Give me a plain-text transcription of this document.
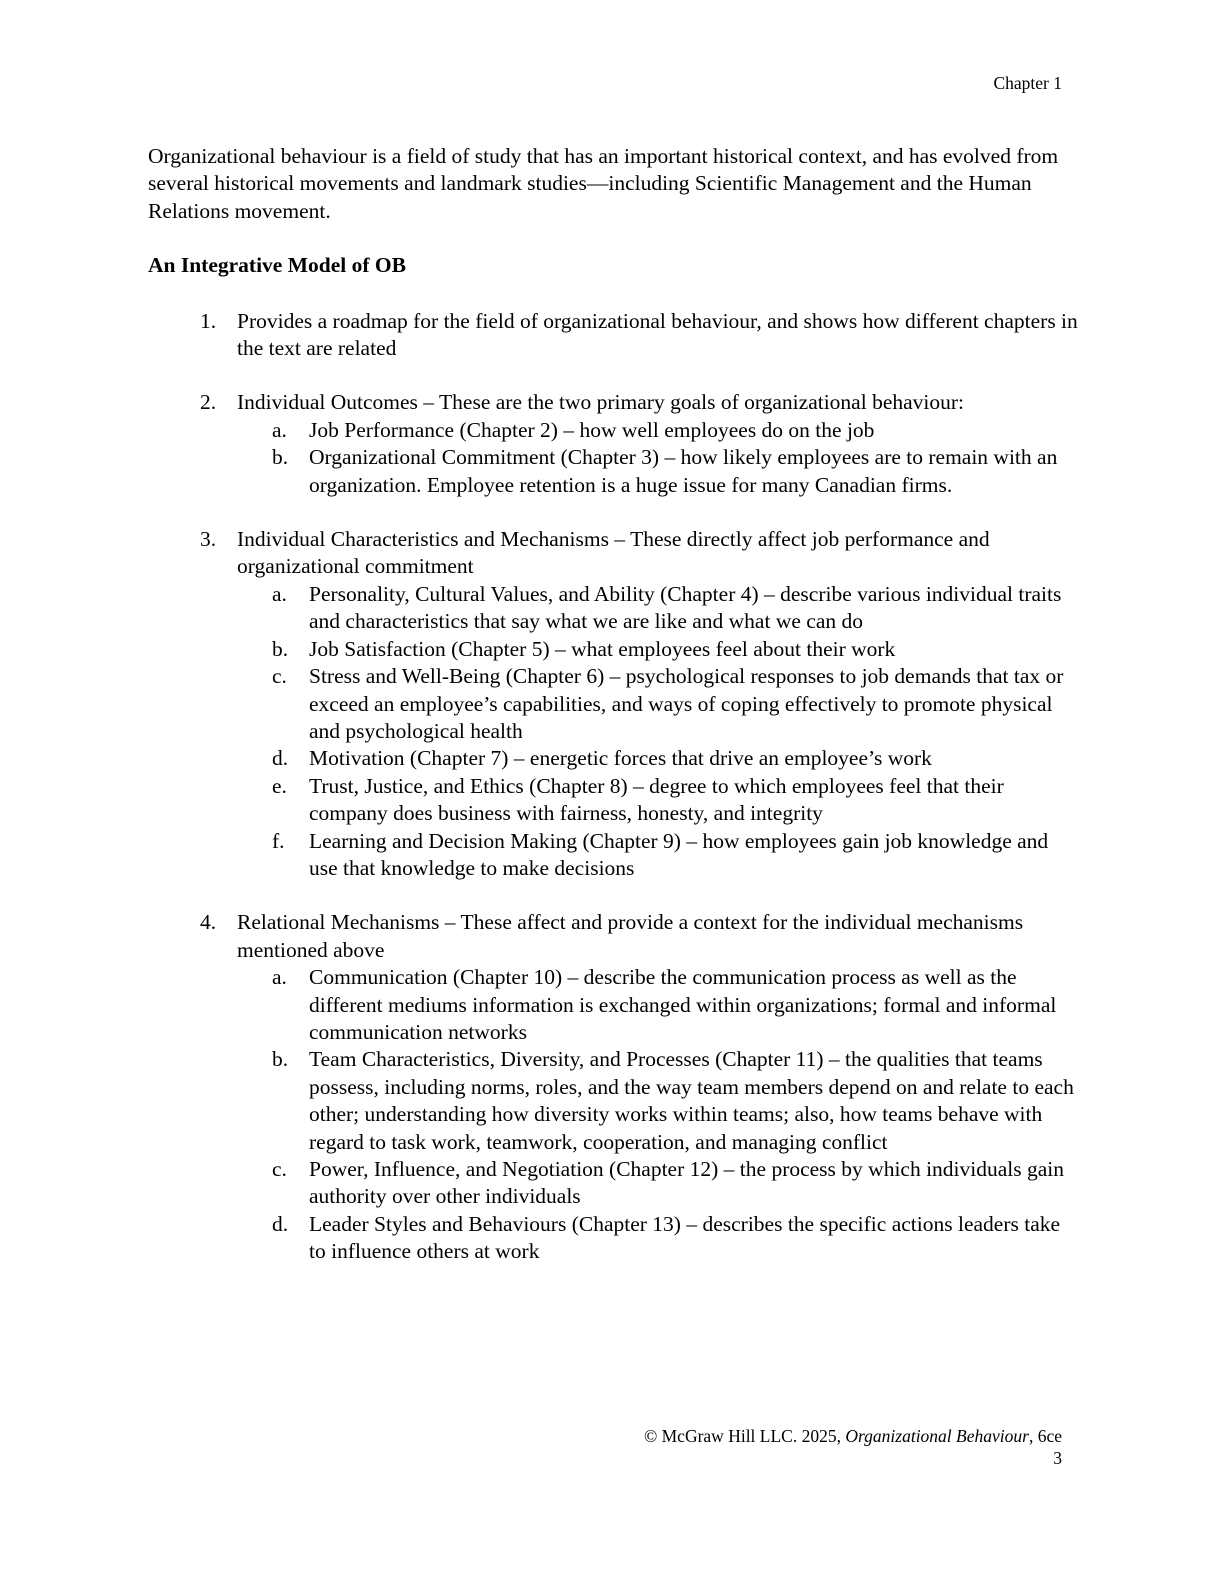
Chapter 1

Organizational behaviour is a field of study that has an important historical context, and has evolved from several historical movements and landmark studies—including Scientific Management and the Human Relations movement.

An Integrative Model of OB
1. Provides a roadmap for the field of organizational behaviour, and shows how different chapters in the text are related
2. Individual Outcomes – These are the two primary goals of organizational behaviour:
a. Job Performance (Chapter 2) – how well employees do on the job
b. Organizational Commitment (Chapter 3) – how likely employees are to remain with an organization. Employee retention is a huge issue for many Canadian firms.
3. Individual Characteristics and Mechanisms – These directly affect job performance and organizational commitment
a. Personality, Cultural Values, and Ability (Chapter 4) – describe various individual traits and characteristics that say what we are like and what we can do
b. Job Satisfaction (Chapter 5) – what employees feel about their work
c. Stress and Well-Being (Chapter 6) – psychological responses to job demands that tax or exceed an employee’s capabilities, and ways of coping effectively to promote physical and psychological health
d. Motivation (Chapter 7) – energetic forces that drive an employee’s work
e. Trust, Justice, and Ethics (Chapter 8) – degree to which employees feel that their company does business with fairness, honesty, and integrity
f. Learning and Decision Making (Chapter 9) – how employees gain job knowledge and use that knowledge to make decisions
4. Relational Mechanisms – These affect and provide a context for the individual mechanisms mentioned above
a. Communication (Chapter 10) – describe the communication process as well as the different mediums information is exchanged within organizations; formal and informal communication networks
b. Team Characteristics, Diversity, and Processes (Chapter 11) – the qualities that teams possess, including norms, roles, and the way team members depend on and relate to each other; understanding how diversity works within teams; also, how teams behave with regard to task work, teamwork, cooperation, and managing conflict
c. Power, Influence, and Negotiation (Chapter 12) – the process by which individuals gain authority over other individuals
d. Leader Styles and Behaviours (Chapter 13) – describes the specific actions leaders take to influence others at work
© McGraw Hill LLC. 2025, Organizational Behaviour, 6ce
3
